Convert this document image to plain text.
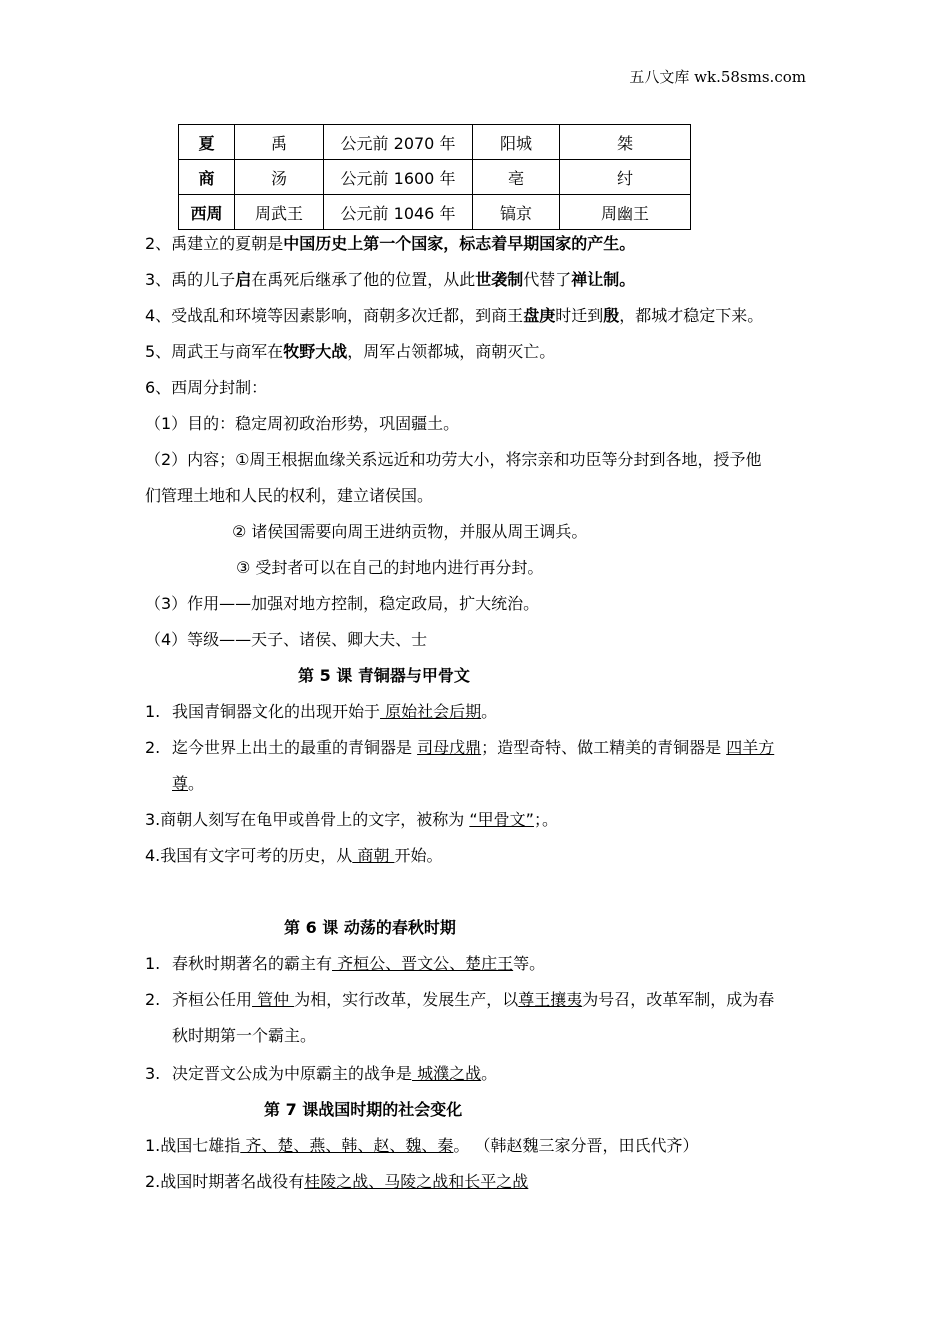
五八文库 wk.58sms.com
夏	禹	公元前 2070 年	阳城	桀
商	汤	公元前 1600 年	亳	纣
西周	周武王	公元前 1046 年	镐京	周幽王
2、禹建立的夏朝是中国历史上第一个国家，标志着早期国家的产生。
3、禹的儿子启在禹死后继承了他的位置，从此世袭制代替了禅让制。
4、受战乱和环境等因素影响，商朝多次迁都，到商王盘庚时迁到殷，都城才稳定下来。
5、周武王与商军在牧野大战，周军占领都城，商朝灭亡。
6、西周分封制：
（1）目的：稳定周初政治形势，巩固疆土。
（2）内容；①周王根据血缘关系远近和功劳大小，将宗亲和功臣等分封到各地，授予他
们管理土地和人民的权利，建立诸侯国。
② 诸侯国需要向周王进纳贡物，并服从周王调兵。
③ 受封者可以在自己的封地内进行再分封。
（3）作用——加强对地方控制，稳定政局，扩大统治。
（4）等级——天子、诸侯、卿大夫、士
第 5 课 青铜器与甲骨文
1. 我国青铜器文化的出现开始于 原始社会后期。
2. 迄今世界上出土的最重的青铜器是 司母戊鼎；造型奇特、做工精美的青铜器是 四羊方
尊。
3.商朝人刻写在龟甲或兽骨上的文字，被称为 “甲骨文”；。
4.我国有文字可考的历史，从 商朝 开始。
第 6 课 动荡的春秋时期
1. 春秋时期著名的霸主有 齐桓公、晋文公、楚庄王等。
2. 齐桓公任用 管仲 为相，实行改革，发展生产，以尊王攘夷为号召，改革军制，成为春
秋时期第一个霸主。
3. 决定晋文公成为中原霸主的战争是 城濮之战。
第 7 课战国时期的社会变化
1.战国七雄指 齐、楚、燕、韩、赵、魏、秦。 （韩赵魏三家分晋，田氏代齐）
2.战国时期著名战役有桂陵之战、马陵之战和长平之战
